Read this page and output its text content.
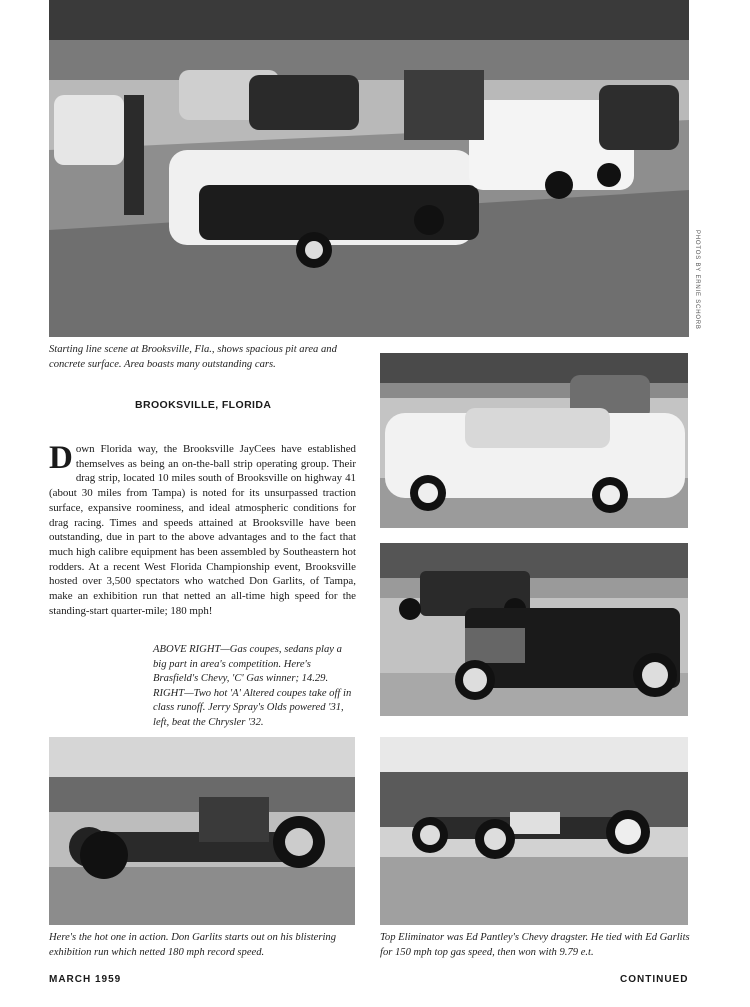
PHOTOS BY ERNIE SCHORB
Starting line scene at Brooksville, Fla., shows spacious pit area and concrete surface. Area boasts many outstanding cars.
BROOKSVILLE, FLORIDA
Down Florida way, the Brooksville JayCees have established themselves as being an on-the-ball strip operating group. Their drag strip, located 10 miles south of Brooksville on highway 41 (about 30 miles from Tampa) is noted for its unsurpassed traction surface, expansive roominess, and ideal atmospheric conditions for drag racing. Times and speeds attained at Brooksville have been outstanding, due in part to the above advantages and to the fact that much high calibre equipment has been assembled by Southeastern hot rodders. At a recent West Florida Championship event, Brooksville hosted over 3,500 spectators who watched Don Garlits, of Tampa, make an exhibition run that netted an all-time high speed for the standing-start quarter-mile; 180 mph!
ABOVE RIGHT—Gas coupes, sedans play a big part in area's competition. Here's Brasfield's Chevy, 'C' Gas winner; 14.29. RIGHT—Two hot 'A' Altered coupes take off in class runoff. Jerry Spray's Olds powered '31, left, beat the Chrysler '32.
Here's the hot one in action. Don Garlits starts out on his blistering exhibition run which netted 180 mph record speed.
Top Eliminator was Ed Pantley's Chevy dragster. He tied with Ed Garlits for 150 mph top gas speed, then won with 9.79 e.t.
MARCH 1959	CONTINUED
